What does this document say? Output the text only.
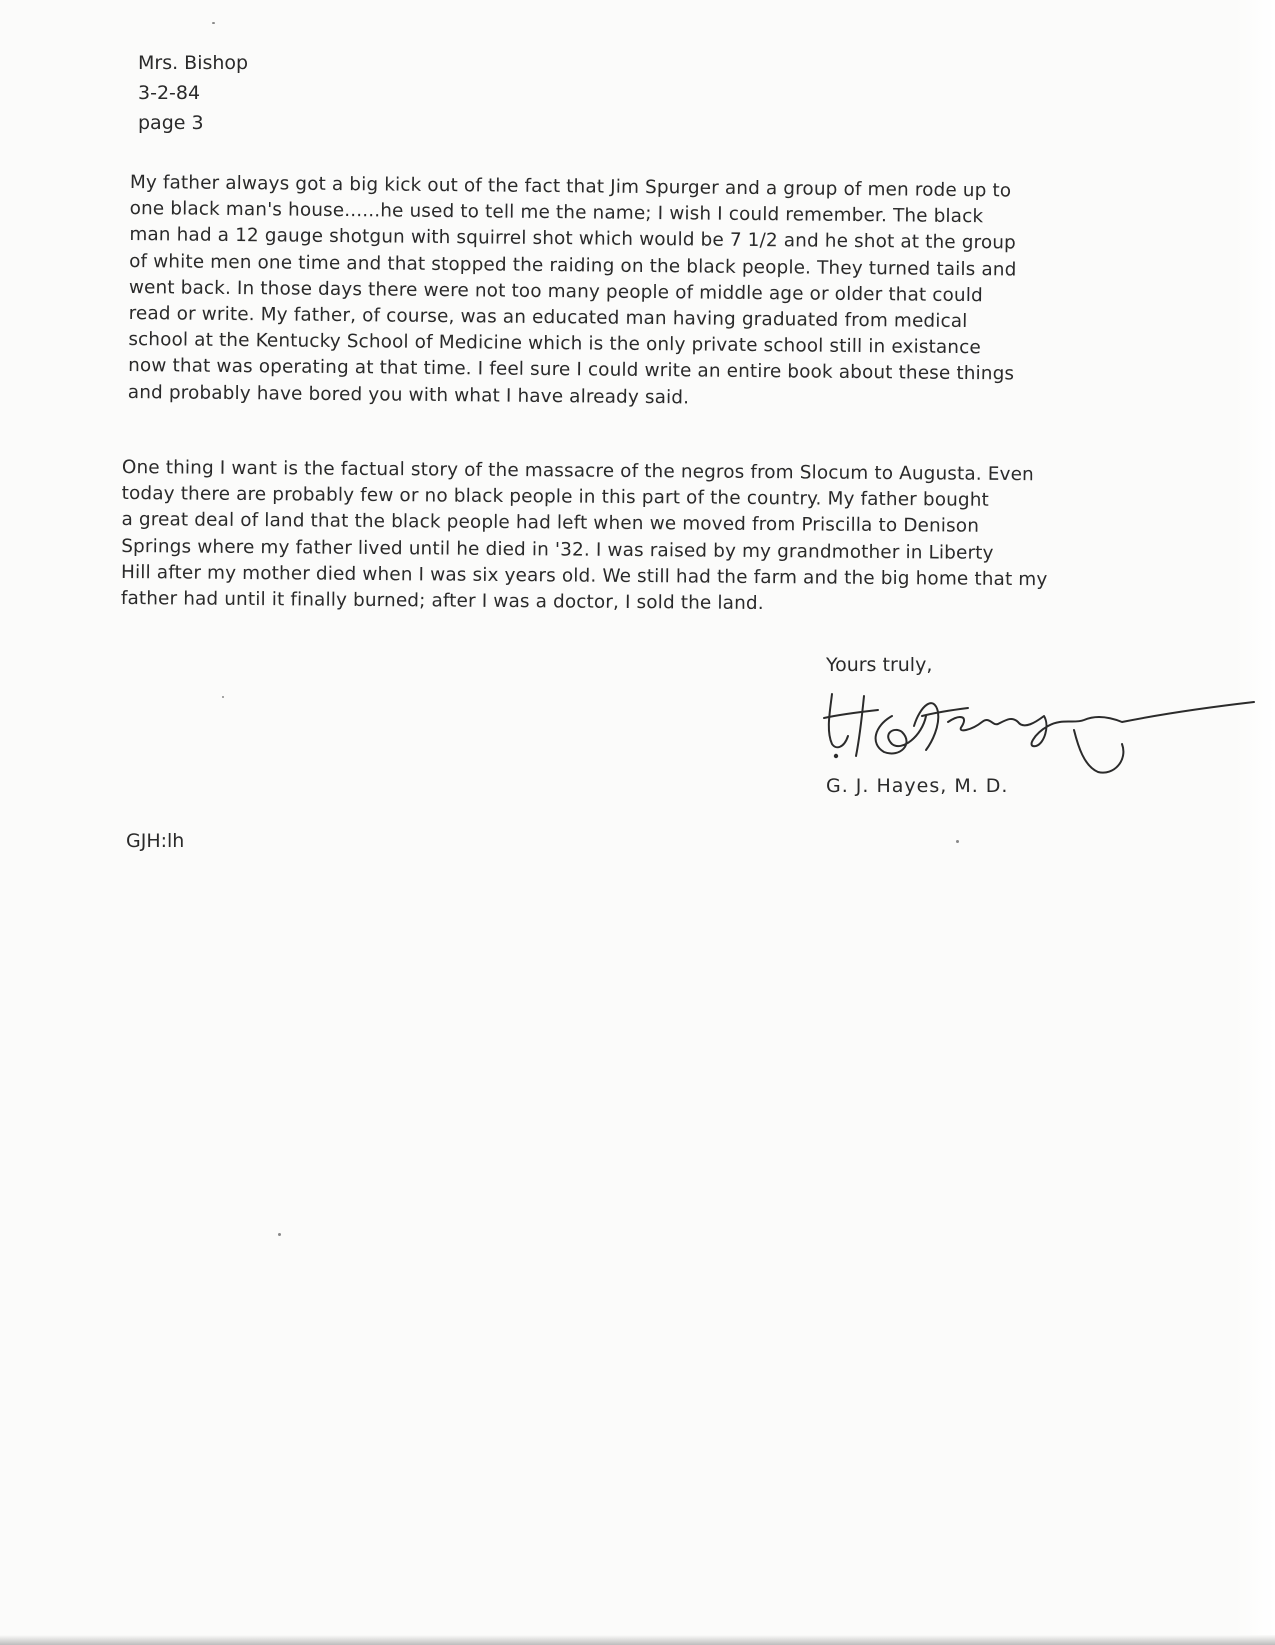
Mrs. Bishop
3-2-84
page 3
My father always got a big kick out of the fact that Jim Spurger and a group of men rode up to
one black man's house......he used to tell me the name; I wish I could remember. The black
man had a 12 gauge shotgun with squirrel shot which would be 7 1/2 and he shot at the group
of white men one time and that stopped the raiding on the black people. They turned tails and
went back. In those days there were not too many people of middle age or older that could
read or write. My father, of course, was an educated man having graduated from medical
school at the Kentucky School of Medicine which is the only private school still in existance
now that was operating at that time. I feel sure I could write an entire book about these things
and probably have bored you with what I have already said.
One thing I want is the factual story of the massacre of the negros from Slocum to Augusta. Even
today there are probably few or no black people in this part of the country. My father bought
a great deal of land that the black people had left when we moved from Priscilla to Denison
Springs where my father lived until he died in '32. I was raised by my grandmother in Liberty
Hill after my mother died when I was six years old. We still had the farm and the big home that my
father had until it finally burned; after I was a doctor, I sold the land.
Yours truly,
G. J. Hayes, M. D.
GJH:lh
